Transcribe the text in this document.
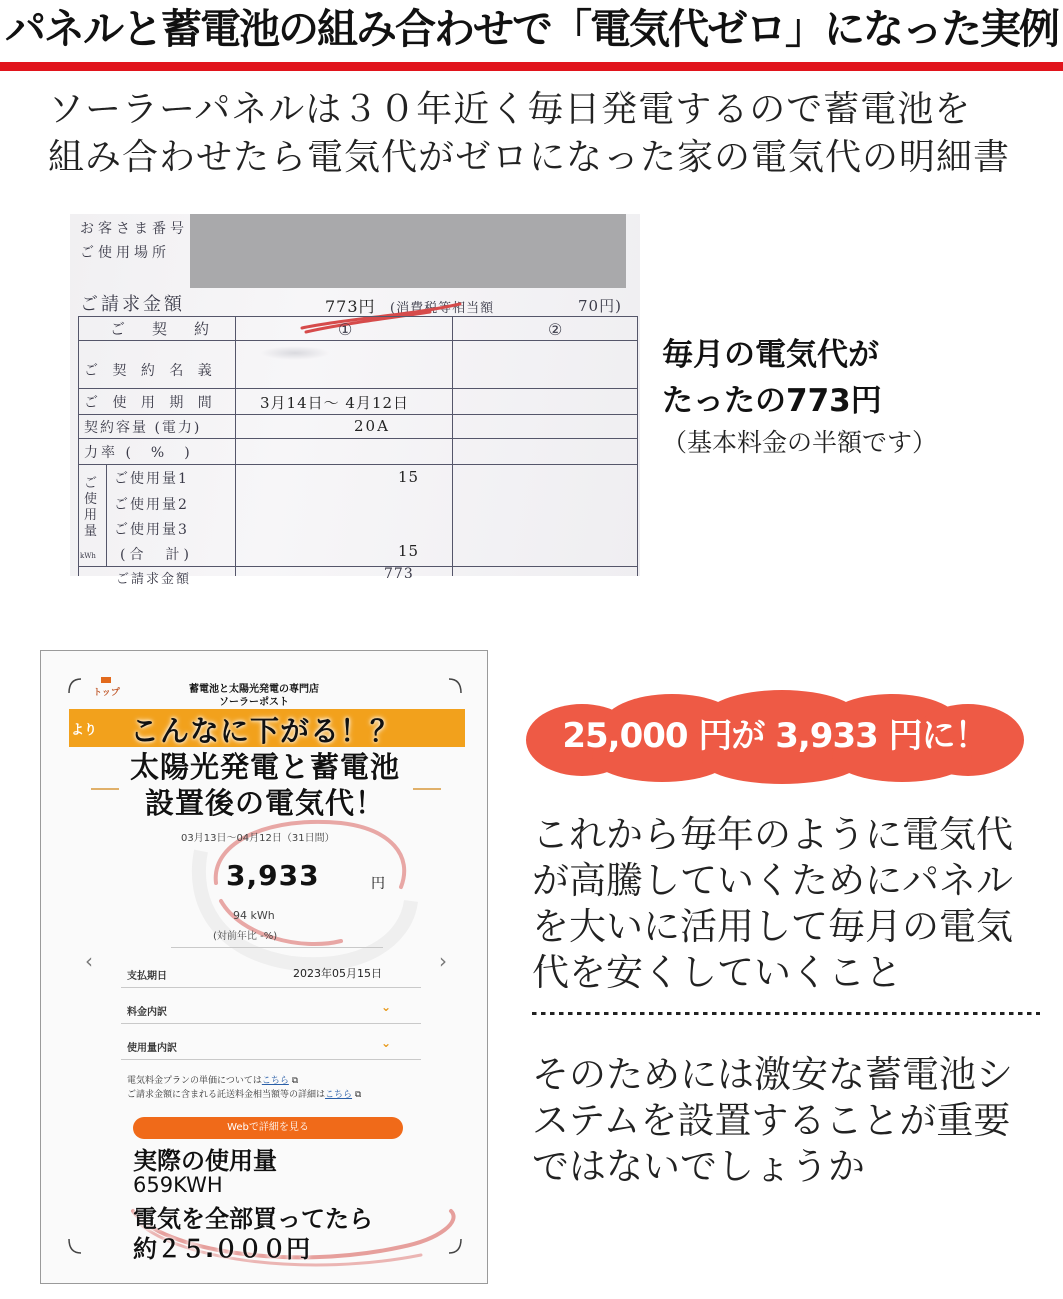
パネルと蓄電池の組み合わせで「電気代ゼロ」になった実例
ソーラーパネルは３０年近く毎日発電するので蓄電池を
組み合わせたら電気代がゼロになった家の電気代の明細書
お客さま番号
ご使用場所
ご請求金額	773円 (消費税等相当額	70円)
ご　契　約	①	②
ご 契 約 名 義
ご 使 用 期 間	3月14日～ 4月12日
契約容量 (電力)	20A
力率 (　%　)
ご使用量
kWh
ご使用量1	15
ご使用量2
ご使用量3
(合　計)	15
ご請求金額	773
毎月の電気代が
たったの773円
（基本料金の半額です）
トップ	蓄電池と太陽光発電の専門店
ソーラーポスト
より	こんなに下がる！？
太陽光発電と蓄電池
設置後の電気代！
03月13日～04月12日（31日間）
3,933	円
94 kWh
(対前年比 -%)
‹	›
支払期日	2023年05月15日
料金内訳	⌄
使用量内訳	⌄
電気料金プランの単価についてはこちら ⧉
ご請求金額に含まれる託送料金相当額等の詳細はこちら ⧉
Webで詳細を見る
実際の使用量
659KWH
電気を全部買ってたら
約２５.０００円
25,000 円が 3,933 円に！
これから毎年のように電気代
が高騰していくためにパネル
を大いに活用して毎月の電気
代を安くしていくこと
そのためには激安な蓄電池シ
ステムを設置することが重要
ではないでしょうか
